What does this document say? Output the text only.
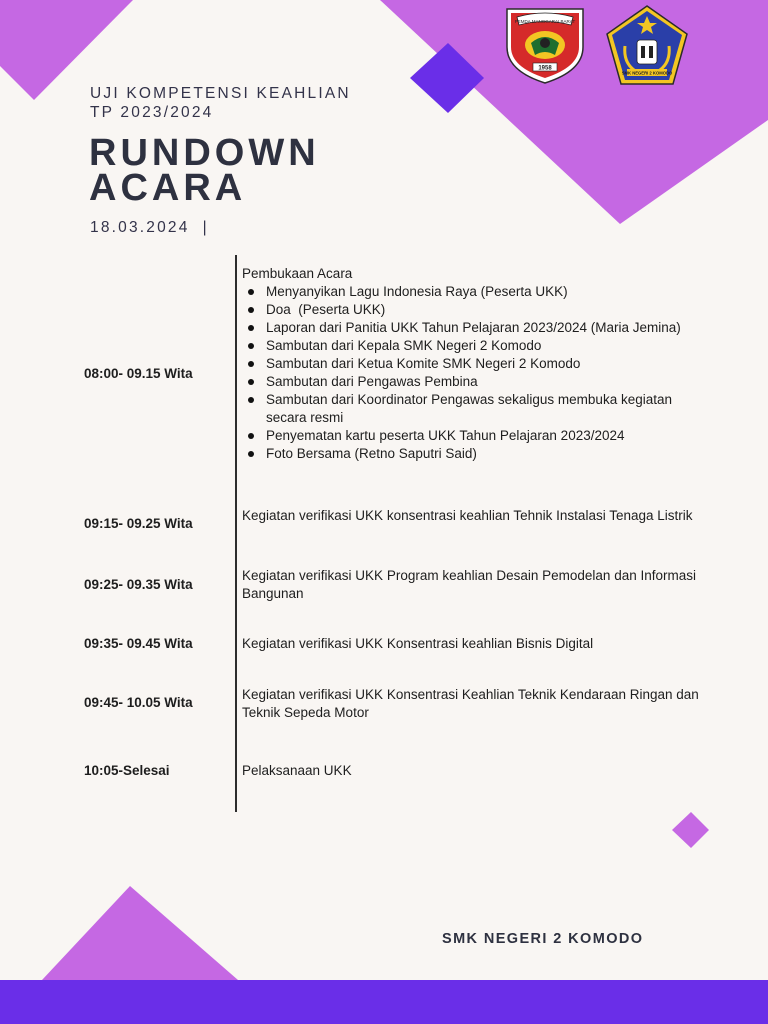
PEMDA MANGGARAI BARAT
1958
SMK NEGERI 2 KOMODO
UJI KOMPETENSI KEAHLIAN
TP 2023/2024
RUNDOWN
ACARA
18.03.2024  |
08:00- 09.15 Wita
Pembukaan Acara
Menyanyikan Lagu Indonesia Raya (Peserta UKK)
Doa  (Peserta UKK)
Laporan dari Panitia UKK Tahun Pelajaran 2023/2024 (Maria Jemina)
Sambutan dari Kepala SMK Negeri 2 Komodo
Sambutan dari Ketua Komite SMK Negeri 2 Komodo
Sambutan dari Pengawas Pembina
Sambutan dari Koordinator Pengawas sekaligus membuka kegiatan secara resmi
Penyematan kartu peserta UKK Tahun Pelajaran 2023/2024
Foto Bersama (Retno Saputri Said)
09:15- 09.25 Wita
Kegiatan verifikasi UKK konsentrasi keahlian Tehnik Instalasi Tenaga Listrik
09:25- 09.35 Wita
Kegiatan verifikasi UKK Program keahlian Desain Pemodelan dan Informasi Bangunan
09:35- 09.45 Wita	Kegiatan verifikasi UKK Konsentrasi keahlian Bisnis Digital
09:45- 10.05 Wita
Kegiatan verifikasi UKK Konsentrasi Keahlian Teknik Kendaraan Ringan dan Teknik Sepeda Motor
10:05-Selesai	Pelaksanaan UKK
SMK NEGERI 2 KOMODO
